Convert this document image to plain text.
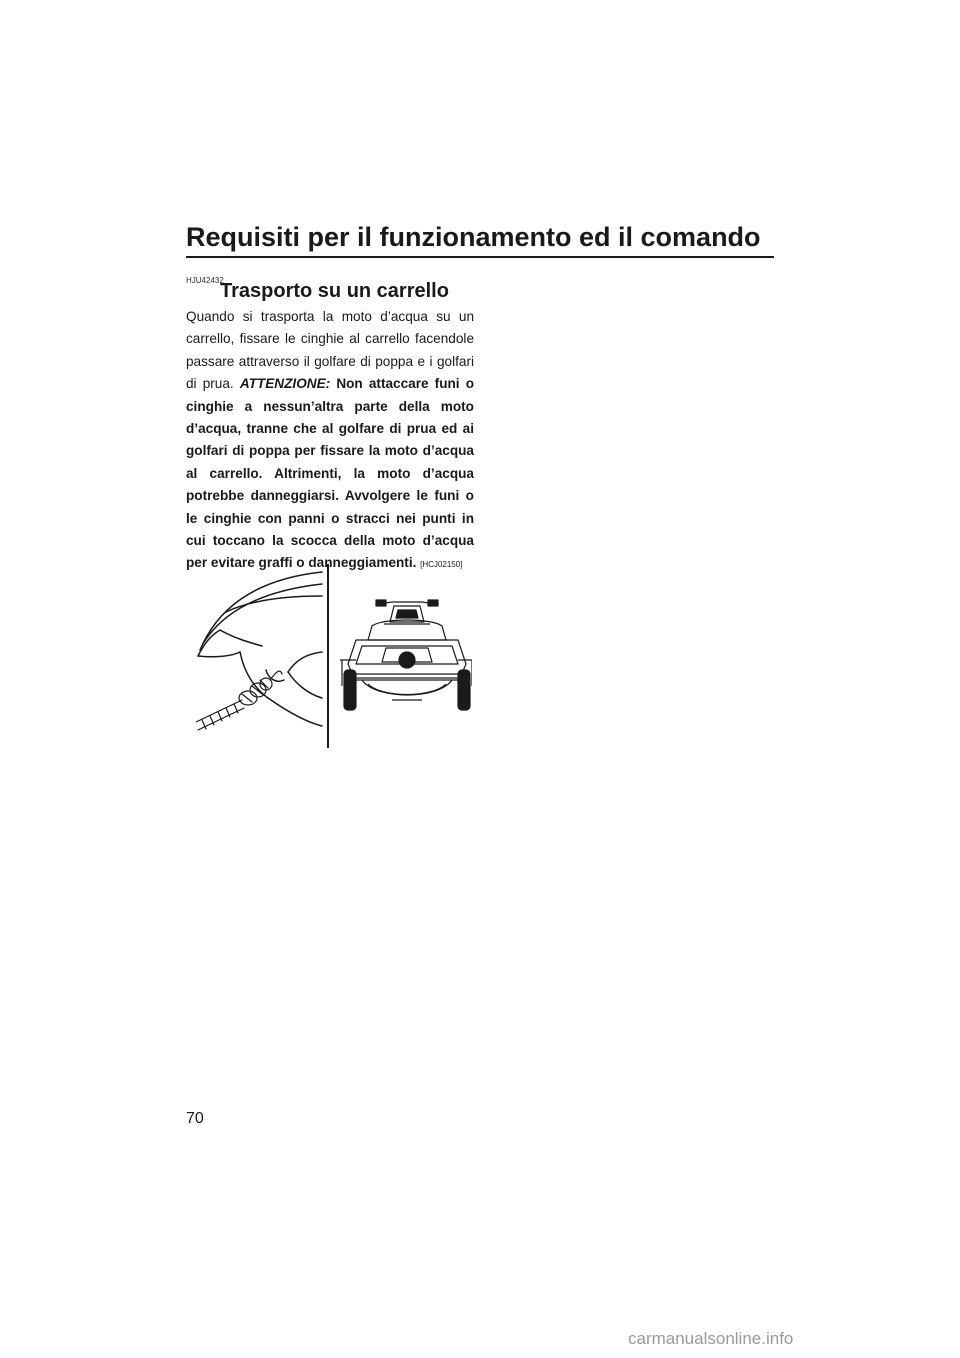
Requisiti per il funzionamento ed il comando
HJU42432
Trasporto su un carrello
Quando si trasporta la moto d’acqua su un carrello, fissare le cinghie al carrello facendole passare attraverso il golfare di poppa e i golfari di prua. ATTENZIONE: Non attaccare funi o cinghie a nessun’altra parte della moto d’acqua, tranne che al golfare di prua ed ai golfari di poppa per fissare la moto d’acqua al carrello. Altrimenti, la moto d’acqua potrebbe danneggiarsi. Avvolgere le funi o le cinghie con panni o stracci nei punti in cui toccano la scocca della moto d’acqua per evitare graffi o danneggiamenti. [HCJ02150]
70
carmanualsonline.info
